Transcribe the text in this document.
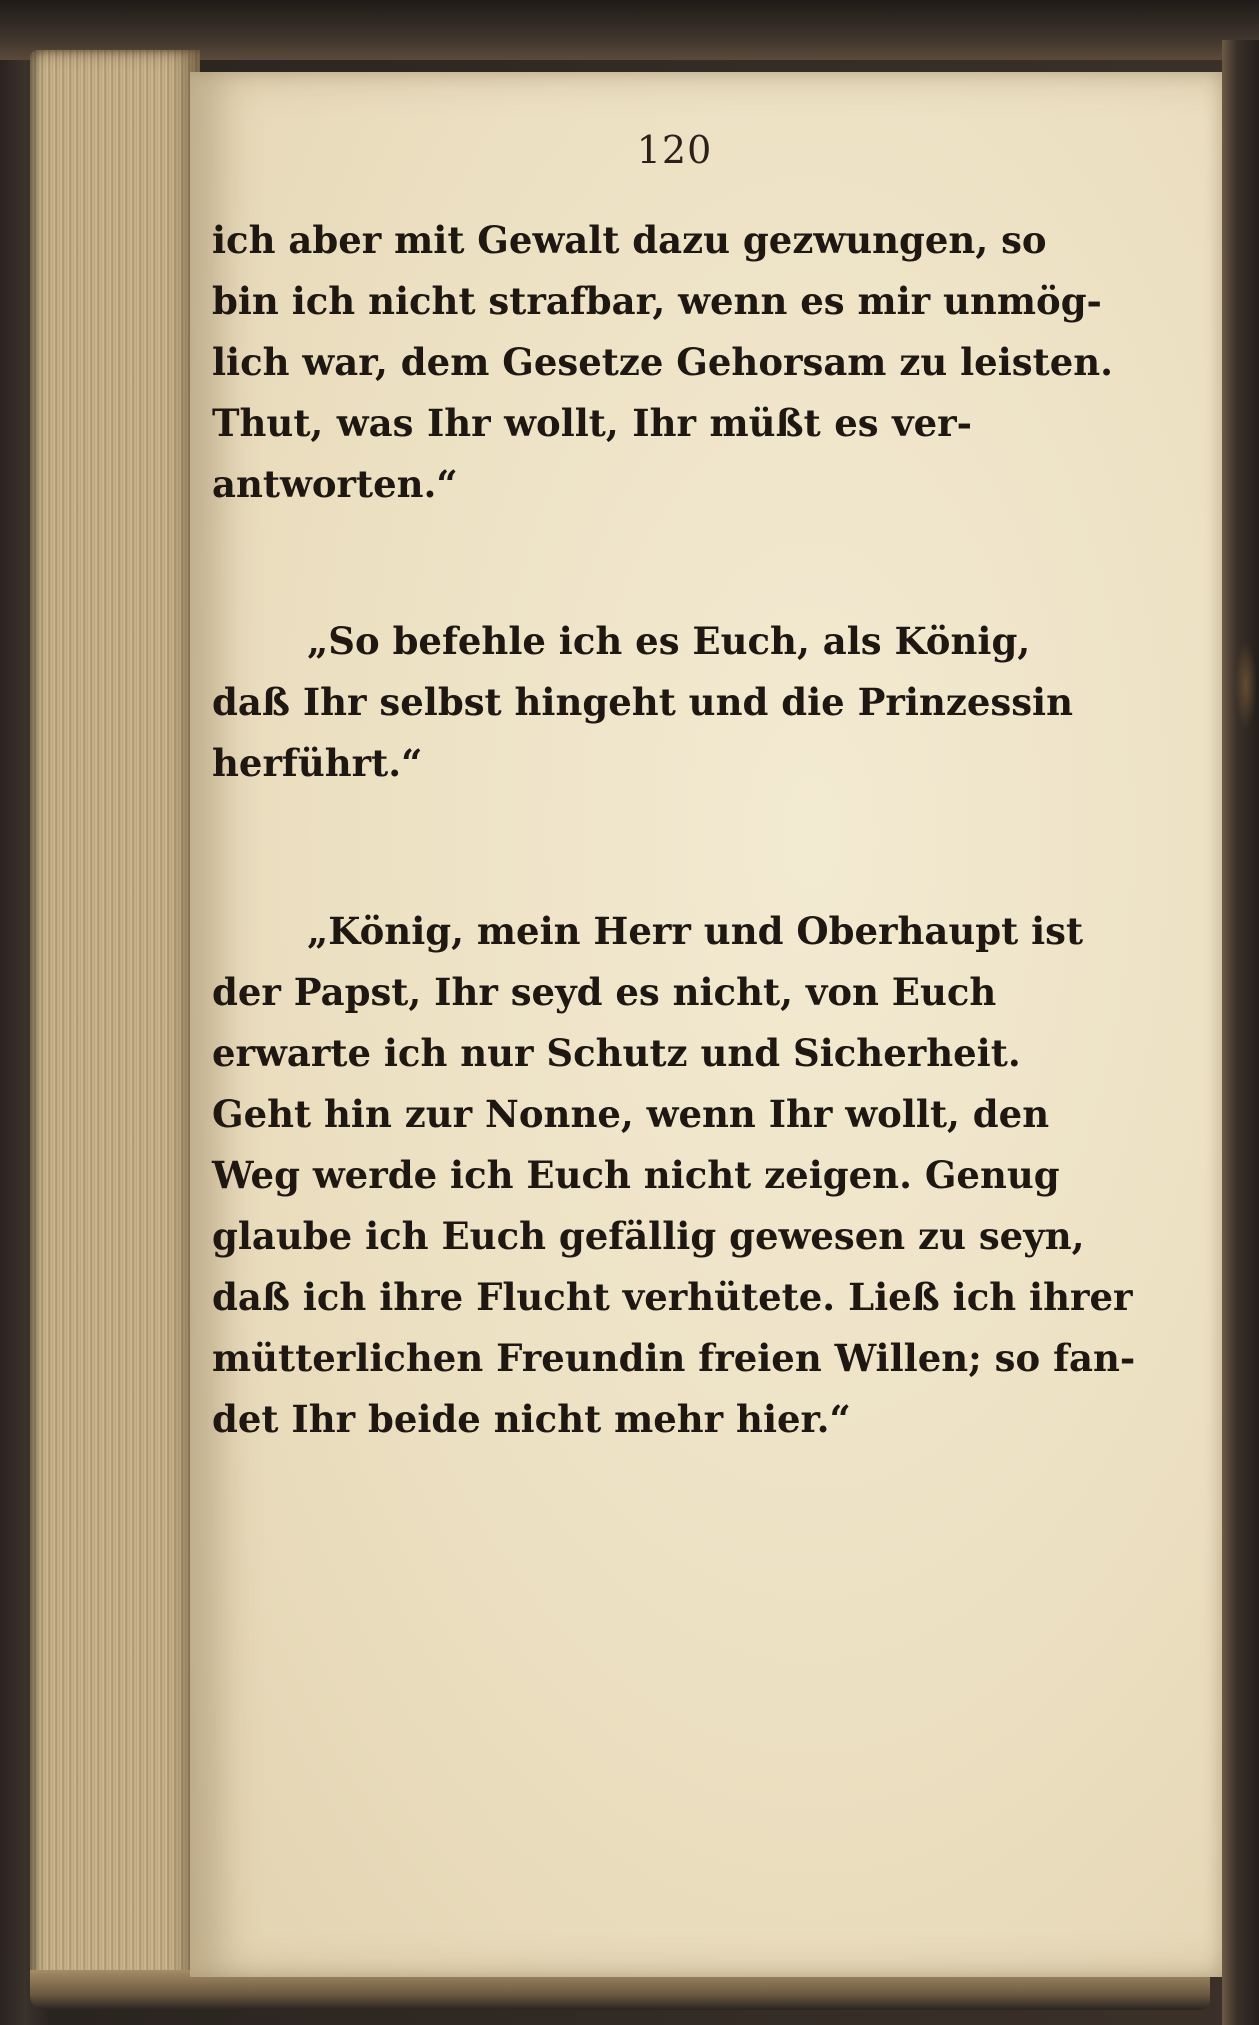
120
ich aber mit Gewalt dazu gezwungen, so
bin ich nicht strafbar, wenn es mir unmög-
lich war, dem Gesetze Gehorsam zu leisten.
Thut, was Ihr wollt, Ihr müßt es ver-
antworten.“
„So befehle ich es Euch, als König,
daß Ihr selbst hingeht und die Prinzessin
herführt.“
„König, mein Herr und Oberhaupt ist
der Papst, Ihr seyd es nicht, von Euch
erwarte ich nur Schutz und Sicherheit.
Geht hin zur Nonne, wenn Ihr wollt, den
Weg werde ich Euch nicht zeigen. Genug
glaube ich Euch gefällig gewesen zu seyn,
daß ich ihre Flucht verhütete. Ließ ich ihrer
mütterlichen Freundin freien Willen; so fan-
det Ihr beide nicht mehr hier.“
